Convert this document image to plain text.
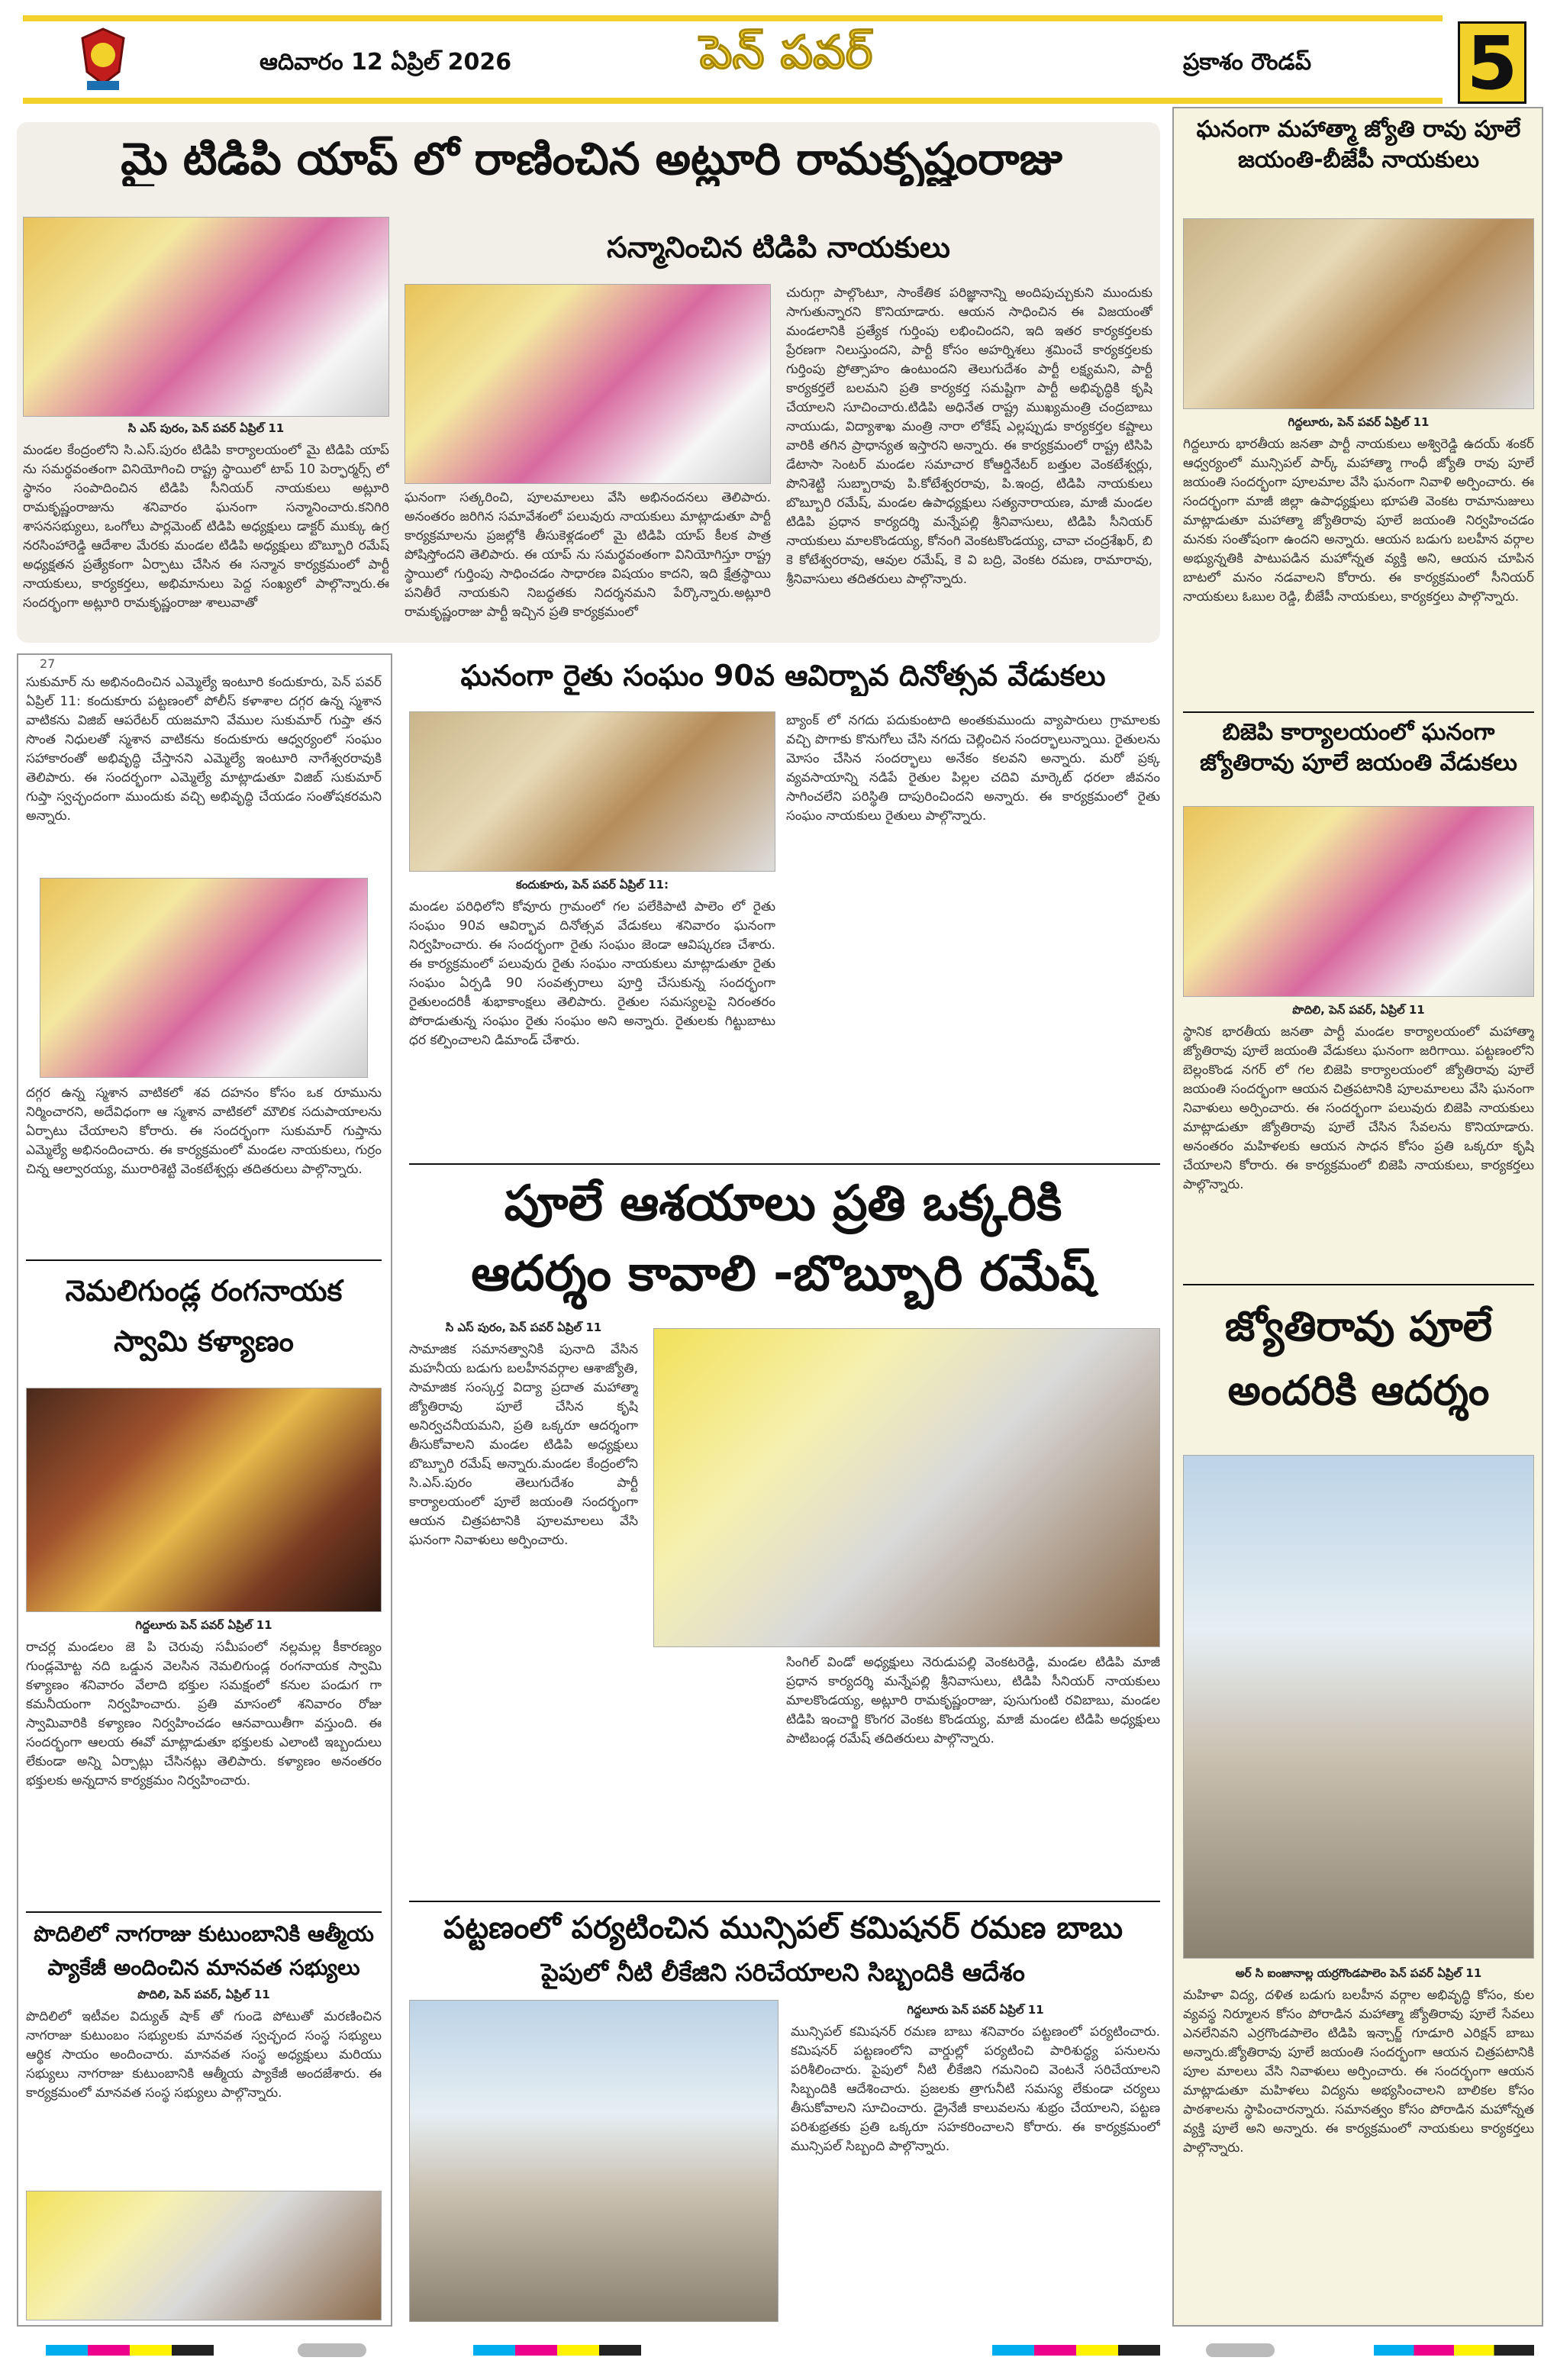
ఆదివారం 12 ఏప్రిల్ 2026	పెన్ పవర్	ప్రకాశం రౌండప్ 5
మై టిడిపి యాప్ లో రాణించిన అట్లూరి రామకృష్ణంరాజు
సన్మానించిన టిడిపి నాయకులు
సి ఎస్ పురం, పెన్ పవర్ ఏప్రిల్ 11
మండల కేంద్రంలోని సి.ఎస్.పురం టిడిపి కార్యాలయంలో మై టిడిపి యాప్ ను సమర్థవంతంగా వినియోగించి రాష్ట్ర స్థాయిలో టాప్ 10 పెర్ఫార్మర్స్ లో స్థానం సంపాదించిన టిడిపి సీనియర్ నాయకులు అట్లూరి రామకృష్ణంరాజును శనివారం ఘనంగా సన్మానించారు.కనిగిరి శాసనసభ్యులు, ఒంగోలు పార్లమెంట్ టిడిపి అధ్యక్షులు డాక్టర్ ముక్కు ఉగ్ర నరసింహారెడ్డి ఆదేశాల మేరకు మండల టిడిపి అధ్యక్షులు బొబ్బూరి రమేష్ అధ్యక్షతన ప్రత్యేకంగా ఏర్పాటు చేసిన ఈ సన్మాన కార్యక్రమంలో పార్టీ నాయకులు, కార్యకర్తలు, అభిమానులు పెద్ద సంఖ్యలో పాల్గొన్నారు.ఈ సందర్భంగా అట్లూరి రామకృష్ణంరాజు శాలువాతో
ఘనంగా సత్కరించి, పూలమాలలు వేసి అభినందనలు తెలిపారు. అనంతరం జరిగిన సమావేశంలో పలువురు నాయకులు మాట్లాడుతూ పార్టీ కార్యక్రమాలను ప్రజల్లోకి తీసుకెళ్లడంలో మై టిడిపి యాప్ కీలక పాత్ర పోషిస్తోందని తెలిపారు. ఈ యాప్ ను సమర్థవంతంగా వినియోగిస్తూ రాష్ట్ర స్థాయిలో గుర్తింపు సాధించడం సాధారణ విషయం కాదని, ఇది క్షేత్రస్థాయి పనితీరే నాయకుని నిబద్ధతకు నిదర్శనమని పేర్కొన్నారు.అట్లూరి రామకృష్ణంరాజు పార్టీ ఇచ్చిన ప్రతి కార్యక్రమంలో
చురుగ్గా పాల్గొంటూ, సాంకేతిక పరిజ్ఞానాన్ని అందిపుచ్చుకుని ముందుకు సాగుతున్నారని కొనియాడారు. ఆయన సాధించిన ఈ విజయంతో మండలానికి ప్రత్యేక గుర్తింపు లభించిందని, ఇది ఇతర కార్యకర్తలకు ప్రేరణగా నిలుస్తుందని, పార్టీ కోసం అహర్నిశలు శ్రమించే కార్యకర్తలకు గుర్తింపు ప్రోత్సాహం ఉంటుందని తెలుగుదేశం పార్టీ లక్ష్యమని, పార్టీ కార్యకర్తలే బలమని ప్రతి కార్యకర్త సమష్టిగా పార్టీ అభివృద్ధికి కృషి చేయాలని సూచించారు.టిడిపి అధినేత రాష్ట్ర ముఖ్యమంత్రి చంద్రబాబు నాయుడు, విద్యాశాఖ మంత్రి నారా లోకేష్ ఎల్లప్పుడు కార్యకర్తల కష్టాలు వారికి తగిన ప్రాధాన్యత ఇస్తారని అన్నారు. ఈ కార్యక్రమంలో రాష్ట్ర టిసిపి డేటాసా సెంటర్ మండల సమాచార కోఆర్డినేటర్ బత్తుల వెంకటేశ్వర్లు, పొనిశెట్టి సుబ్బారావు పి.కోటేశ్వరరావు, పి.ఇంద్ర, టిడిపి నాయకులు బొబ్బూరి రమేష్, మండల ఉపాధ్యక్షులు సత్యనారాయణ, మాజీ మండల టిడిపి ప్రధాన కార్యదర్శి మన్నేపల్లి శ్రీనివాసులు, టిడిపి సీనియర్ నాయకులు మాలకొండయ్య, కోనంగి వెంకటకొండయ్య, చావా చంద్రశేఖర్, బి కె కోటేశ్వరరావు, ఆవుల రమేష్, కె వి బద్రి, వెంకట రమణ, రామారావు, శ్రీనివాసులు తదితరులు పాల్గొన్నారు.
ఘనంగా మహాత్మా జ్యోతి రావు పూలే జయంతి-బీజేపీ నాయకులు
గిద్దలూరు, పెన్ పవర్ ఏప్రిల్ 11
గిద్దలూరు భారతీయ జనతా పార్టీ నాయకులు అశ్విరెడ్డి ఉదయ్ శంకర్ ఆధ్వర్యంలో మున్సిపల్ పార్క్ మహాత్మా గాంధీ జ్యోతి రావు పూలే జయంతి సందర్భంగా పూలమాల వేసి ఘనంగా నివాళి అర్పించారు. ఈ సందర్భంగా మాజీ జిల్లా ఉపాధ్యక్షులు భూపతి వెంకట రామానుజులు మాట్లాడుతూ మహాత్మా జ్యోతిరావు పూలే జయంతి నిర్వహించడం మనకు సంతోషంగా ఉందని అన్నారు. ఆయన బడుగు బలహీన వర్గాల అభ్యున్నతికి పాటుపడిన మహోన్నత వ్యక్తి అని, ఆయన చూపిన బాటలో మనం నడవాలని కోరారు. ఈ కార్యక్రమంలో సీనియర్ నాయకులు ఓబుల రెడ్డి, బీజేపీ నాయకులు, కార్యకర్తలు పాల్గొన్నారు.
బిజెపి కార్యాలయంలో ఘనంగా జ్యోతిరావు పూలే జయంతి వేడుకలు
పొదిలి, పెన్ పవర్, ఏప్రిల్ 11
స్థానిక భారతీయ జనతా పార్టీ మండల కార్యాలయంలో మహాత్మా జ్యోతిరావు పూలే జయంతి వేడుకలు ఘనంగా జరిగాయి. పట్టణంలోని బెల్లంకొండ నగర్ లో గల బిజెపి కార్యాలయంలో జ్యోతిరావు పూలే జయంతి సందర్భంగా ఆయన చిత్రపటానికి పూలమాలలు వేసి ఘనంగా నివాళులు అర్పించారు. ఈ సందర్భంగా పలువురు బిజెపి నాయకులు మాట్లాడుతూ జ్యోతిరావు పూలే చేసిన సేవలను కొనియాడారు. అనంతరం మహిళలకు ఆయన సాధన కోసం ప్రతి ఒక్కరూ కృషి చేయాలని కోరారు. ఈ కార్యక్రమంలో బిజెపి నాయకులు, కార్యకర్తలు పాల్గొన్నారు.
జ్యోతిరావు పూలే అందరికి ఆదర్శం
అర్ సి ఐంజానాల్ల యర్రగొండపాలెం పెన్ పవర్ ఏప్రిల్ 11
మహిళా విద్య, దళిత బడుగు బలహీన వర్గాల అభివృద్ధి కోసం, కుల వ్యవస్థ నిర్మూలన కోసం పోరాడిన మహాత్మా జ్యోతిరావు పూలే సేవలు ఎనలేనివని ఎర్రగొండపాలెం టిడిపి ఇన్చార్జ్ గూడూరి ఎరిక్షన్ బాబు అన్నారు.జ్యోతిరావు పూలే జయంతి సందర్భంగా ఆయన చిత్రపటానికి పూల మాలలు వేసి నివాళులు అర్పించారు. ఈ సందర్భంగా ఆయన మాట్లాడుతూ మహిళలు విద్యను అభ్యసించాలని బాలికల కోసం పాఠశాలను స్థాపించారన్నారు. సమానత్వం కోసం పోరాడిన మహోన్నత వ్యక్తి పూలే అని అన్నారు. ఈ కార్యక్రమంలో నాయకులు కార్యకర్తలు పాల్గొన్నారు.
27
సుకుమార్ ను అభినందించిన ఎమ్మెల్యే ఇంటూరి కందుకూరు, పెన్ పవర్ ఏప్రిల్ 11: కందుకూరు పట్టణంలో పోలీస్ కళాశాల దగ్గర ఉన్న స్మశాన వాటికను విజిబ్ ఆపరేటర్ యజమాని వేముల సుకుమార్ గుప్తా తన సొంత నిధులతో స్మశాన వాటికను కందుకూరు ఆధ్వర్యంలో సంఘం సహాకారంతో అభివృద్ధి చేస్తానని ఎమ్మెల్యే ఇంటూరి నాగేశ్వరరావుకి తెలిపారు. ఈ సందర్భంగా ఎమ్మెల్యే మాట్లాడుతూ విజిబ్ సుకుమార్ గుప్తా స్వచ్ఛందంగా ముందుకు వచ్చి అభివృద్ధి చేయడం సంతోషకరమని అన్నారు.
దగ్గర ఉన్న స్మశాన వాటికలో శవ దహనం కోసం ఒక రూమును నిర్మించారని, అదేవిధంగా ఆ స్మశాన వాటికలో మౌలిక సదుపాయాలను ఏర్పాటు చేయాలని కోరారు. ఈ సందర్భంగా సుకుమార్ గుప్తాను ఎమ్మెల్యే అభినందించారు. ఈ కార్యక్రమంలో మండల నాయకులు, గుర్రం చిన్న ఆల్వారయ్య, మురారిశెట్టి వెంకటేశ్వర్లు తదితరులు పాల్గొన్నారు.
నెమలిగుండ్ల రంగనాయక స్వామి కళ్యాణం
గిద్దలూరు పెన్ పవర్ ఏప్రిల్ 11
రాచర్ల మండలం జె పి చెరువు సమీపంలో నల్లమల్ల కీకారణ్యం గుండ్లమోట్ట నది ఒడ్డున వెలసిన నెమలిగుండ్ల రంగనాయక స్వామి కళ్యాణం శనివారం వేలాది భక్తుల సమక్షంలో కనుల పండుగ గా కమనీయంగా నిర్వహించారు. ప్రతి మాసంలో శనివారం రోజు స్వామివారికి కళ్యాణం నిర్వహించడం ఆనవాయితీగా వస్తుంది. ఈ సందర్భంగా ఆలయ ఈవో మాట్లాడుతూ భక్తులకు ఎలాంటి ఇబ్బందులు లేకుండా అన్ని ఏర్పాట్లు చేసినట్లు తెలిపారు. కళ్యాణం అనంతరం భక్తులకు అన్నదాన కార్యక్రమం నిర్వహించారు.
పొదిలిలో నాగరాజు కుటుంబానికి ఆత్మీయ ప్యాకేజీ అందించిన మానవత సభ్యులు
పొదిలి, పెన్ పవర్, ఏప్రిల్ 11
పొదిలిలో ఇటీవల విద్యుత్ షాక్ తో గుండె పోటుతో మరణించిన నాగరాజు కుటుంబం సభ్యులకు మానవత స్వచ్ఛంద సంస్థ సభ్యులు ఆర్థిక సాయం అందించారు. మానవత సంస్థ అధ్యక్షులు మరియు సభ్యులు నాగరాజు కుటుంబానికి ఆత్మీయ ప్యాకేజీ అందజేశారు. ఈ కార్యక్రమంలో మానవత సంస్థ సభ్యులు పాల్గొన్నారు.
ఘనంగా రైతు సంఘం 90వ ఆవిర్భావ దినోత్సవ వేడుకలు
కందుకూరు, పెన్ పవర్ ఏప్రిల్ 11:
మండల పరిధిలోని కోవూరు గ్రామంలో గల పలేకిపాటి పాలెం లో రైతు సంఘం 90వ ఆవిర్భావ దినోత్సవ వేడుకలు శనివారం ఘనంగా నిర్వహించారు. ఈ సందర్భంగా రైతు సంఘం జెండా ఆవిష్కరణ చేశారు. ఈ కార్యక్రమంలో పలువురు రైతు సంఘం నాయకులు మాట్లాడుతూ రైతు సంఘం ఏర్పడి 90 సంవత్సరాలు పూర్తి చేసుకున్న సందర్భంగా రైతులందరికీ శుభాకాంక్షలు తెలిపారు. రైతుల సమస్యలపై నిరంతరం పోరాడుతున్న సంఘం రైతు సంఘం అని అన్నారు. రైతులకు గిట్టుబాటు ధర కల్పించాలని డిమాండ్ చేశారు.
బ్యాంక్ లో నగదు పదుకుంటాది అంతకుముందు వ్యాపారులు గ్రామాలకు వచ్చి పొగాకు కొనుగోలు చేసి నగదు చెల్లించిన సందర్భాలున్నాయి. రైతులను మోసం చేసిన సందర్భాలు అనేకం కలవని అన్నారు. మరో ప్రక్క వ్యవసాయాన్ని నడిపే రైతుల పిల్లల చదివి మార్కెట్ ధరలా జీవనం సాగించలేని పరిస్థితి దాపురించిందని అన్నారు. ఈ కార్యక్రమంలో రైతు సంఘం నాయకులు రైతులు పాల్గొన్నారు.
పూలే ఆశయాలు ప్రతి ఒక్కరికి
ఆదర్శం కావాలి -బొబ్బూరి రమేష్
సి ఎస్ పురం, పెన్ పవర్ ఏప్రిల్ 11
సామాజిక సమానత్వానికి పునాది వేసిన మహనీయ బడుగు బలహీనవర్గాల ఆశాజ్యోతి, సామాజిక సంస్కర్త విద్యా ప్రదాత మహాత్మా జ్యోతిరావు పూలే చేసిన కృషి అనిర్వచనీయమని, ప్రతి ఒక్కరూ ఆదర్శంగా తీసుకోవాలని మండల టిడిపి అధ్యక్షులు బొబ్బూరి రమేష్ అన్నారు.మండల కేంద్రంలోని సి.ఎస్.పురం తెలుగుదేశం పార్టీ కార్యాలయంలో పూలే జయంతి సందర్భంగా ఆయన చిత్రపటానికి పూలమాలలు వేసి ఘనంగా నివాళులు అర్పించారు.
సింగిల్ విండో అధ్యక్షులు నెరుడుపల్లి వెంకటరెడ్డి, మండల టిడిపి మాజీ ప్రధాన కార్యదర్శి మన్నేపల్లి శ్రీనివాసులు, టిడిపి సీనియర్ నాయకులు మాలకొండయ్య, అట్లూరి రామకృష్ణంరాజు, పుసుగుంటి రవిబాబు, మండల టిడిపి ఇంచార్జి కొంగర వెంకట కొండయ్య, మాజీ మండల టిడిపి అధ్యక్షులు పాటిబండ్ల రమేష్ తదితరులు పాల్గొన్నారు.
పట్టణంలో పర్యటించిన మున్సిపల్ కమిషనర్ రమణ బాబు
పైపులో నీటి లీకేజిని సరిచేయాలని సిబ్బందికి ఆదేశం
గిద్దలూరు పెన్ పవర్ ఏప్రిల్ 11
మున్సిపల్ కమిషనర్ రమణ బాబు శనివారం పట్టణంలో పర్యటించారు. కమిషనర్ పట్టణంలోని వార్డుల్లో పర్యటించి పారిశుద్ధ్య పనులను పరిశీలించారు. పైపులో నీటి లీకేజిని గమనించి వెంటనే సరిచేయాలని సిబ్బందికి ఆదేశించారు. ప్రజలకు త్రాగునీటి సమస్య లేకుండా చర్యలు తీసుకోవాలని సూచించారు. డ్రైనేజీ కాలువలను శుభ్రం చేయాలని, పట్టణ పరిశుభ్రతకు ప్రతి ఒక్కరూ సహకరించాలని కోరారు. ఈ కార్యక్రమంలో మున్సిపల్ సిబ్బంది పాల్గొన్నారు.
